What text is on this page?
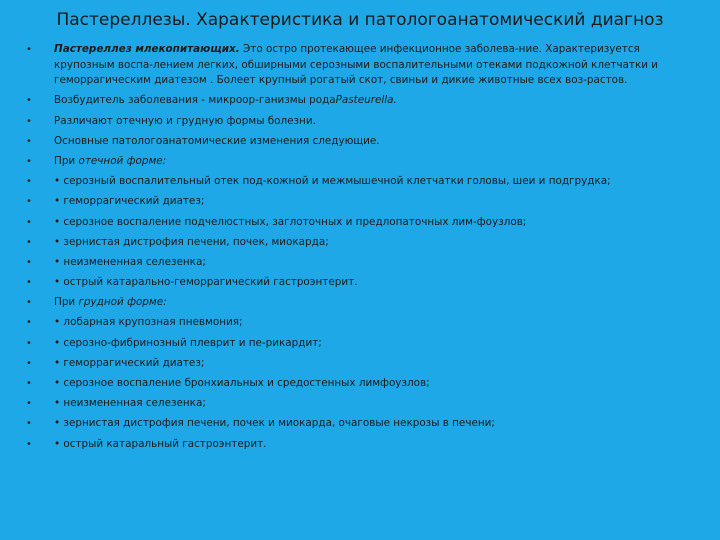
Пастереллезы. Характеристика и патологоанатомический диагноз
•	Пастереллез млекопитающих. Это остро протекающее инфекционное заболева-ние. Характеризуется крупозным воспа-лением легких, обширными серозными воспалительными отеками подкожной клетчатки и геморрагическим диатезом . Болеет крупный рогатый скот, свиньи и дикие животные всех воз-растов.
•	Возбудитель заболевания - микроор-ганизмы родаPasteurella.
•	Различают отечную и грудную формы болезни.
•	Основные патологоанатомические изменения следующие.
•	При отечной форме:
•	• серозный воспалительный отек под-кожной и межмышечной клетчатки головы, шеи и подгрудка;
•	• геморрагический диатез;
•	• серозное воспаление подчелюстных, заглоточных и предлопаточных лим-фоузлов;
•	• зернистая дистрофия печени, почек, миокарда;
•	• неизмененная селезенка;
•	• острый катарально-геморрагический гастроэнтерит.
•	При грудной форме:
•	• лобарная крупозная пневмония;
•	• серозно-фибринозный плеврит и пе-рикардит;
•	• геморрагический диатез;
•	• серозное воспаление бронхиальных и средостенных лимфоузлов;
•	• неизмененная селезенка;
•	• зернистая дистрофия печени, почек и миокарда, очаговые некрозы в печени;
•	• острый катаральный гастроэнтерит.
